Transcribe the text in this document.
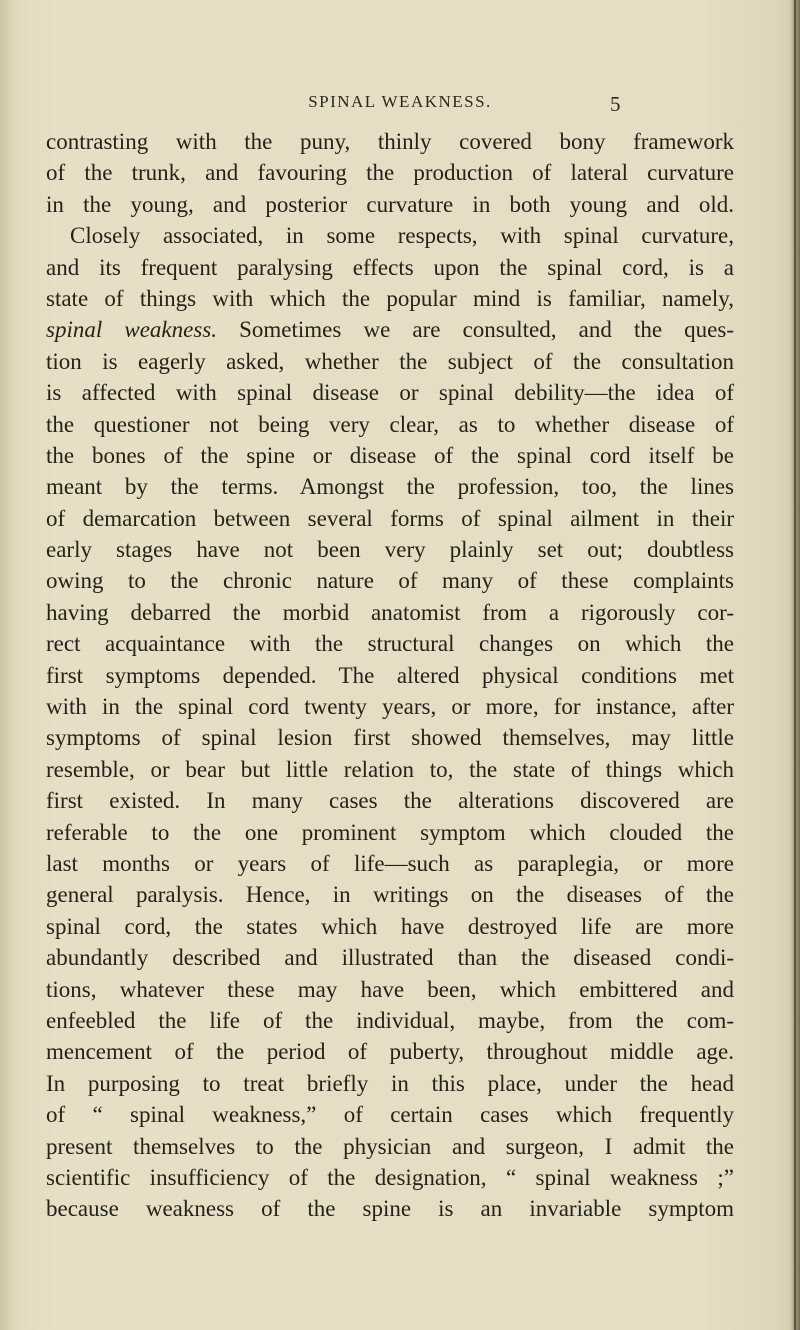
SPINAL WEAKNESS.	5
contrasting with the puny, thinly covered bony framework
of the trunk, and favouring the production of lateral curvature
in the young, and posterior curvature in both young and old.
Closely associated, in some respects, with spinal curvature,
and its frequent paralysing effects upon the spinal cord, is a
state of things with which the popular mind is familiar, namely,
spinal weakness. Sometimes we are consulted, and the ques-
tion is eagerly asked, whether the subject of the consultation
is affected with spinal disease or spinal debility—the idea of
the questioner not being very clear, as to whether disease of
the bones of the spine or disease of the spinal cord itself be
meant by the terms. Amongst the profession, too, the lines
of demarcation between several forms of spinal ailment in their
early stages have not been very plainly set out; doubtless
owing to the chronic nature of many of these complaints
having debarred the morbid anatomist from a rigorously cor-
rect acquaintance with the structural changes on which the
first symptoms depended. The altered physical conditions met
with in the spinal cord twenty years, or more, for instance, after
symptoms of spinal lesion first showed themselves, may little
resemble, or bear but little relation to, the state of things which
first existed. In many cases the alterations discovered are
referable to the one prominent symptom which clouded the
last months or years of life—such as paraplegia, or more
general paralysis. Hence, in writings on the diseases of the
spinal cord, the states which have destroyed life are more
abundantly described and illustrated than the diseased condi-
tions, whatever these may have been, which embittered and
enfeebled the life of the individual, maybe, from the com-
mencement of the period of puberty, throughout middle age.
In purposing to treat briefly in this place, under the head
of “ spinal weakness,” of certain cases which frequently
present themselves to the physician and surgeon, I admit the
scientific insufficiency of the designation, “ spinal weakness ;”
because weakness of the spine is an invariable symptom
